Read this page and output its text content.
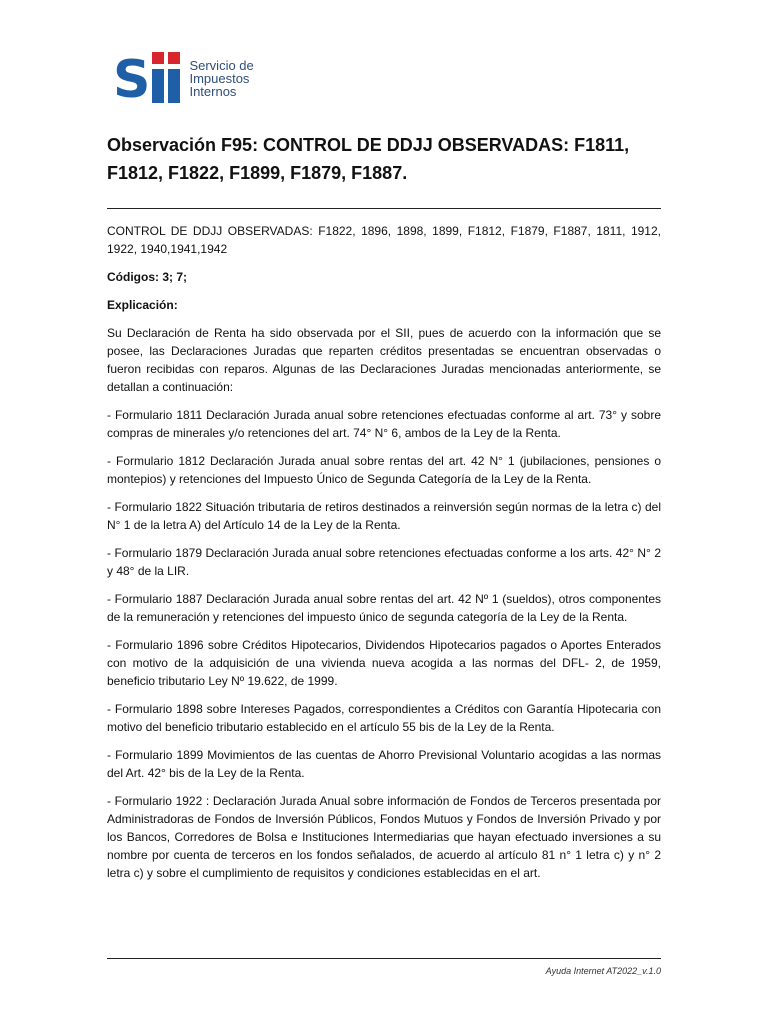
S	Servicio de
Impuestos
Internos
Observación F95: CONTROL DE DDJJ OBSERVADAS: F1811, F1812, F1822, F1899, F1879, F1887.

CONTROL DE DDJJ OBSERVADAS: F1822, 1896, 1898, 1899, F1812, F1879, F1887, 1811, 1912, 1922, 1940,1941,1942

Códigos: 3; 7;

Explicación:

Su Declaración de Renta ha sido observada por el SII, pues de acuerdo con la información que se posee, las Declaraciones Juradas que reparten créditos presentadas se encuentran observadas o fueron recibidas con reparos. Algunas de las Declaraciones Juradas mencionadas anteriormente, se detallan a continuación:

- Formulario 1811 Declaración Jurada anual sobre retenciones efectuadas conforme al art. 73° y sobre compras de minerales y/o retenciones del art. 74° N° 6, ambos de la Ley de la Renta.

- Formulario 1812 Declaración Jurada anual sobre rentas del art. 42 N° 1 (jubilaciones, pensiones o montepios) y retenciones del Impuesto Único de Segunda Categoría de la Ley de la Renta.

- Formulario 1822 Situación tributaria de retiros destinados a reinversión según normas de la letra c) del N° 1 de la letra A) del Artículo 14 de la Ley de la Renta.

- Formulario 1879 Declaración Jurada anual sobre retenciones efectuadas conforme a los arts. 42° N° 2 y 48° de la LIR.

- Formulario 1887 Declaración Jurada anual sobre rentas del art. 42 Nº 1 (sueldos), otros componentes de la remuneración y retenciones del impuesto único de segunda categoría de la Ley de la Renta.

- Formulario 1896 sobre Créditos Hipotecarios, Dividendos Hipotecarios pagados o Aportes Enterados con motivo de la adquisición de una vivienda nueva acogida a las normas del DFL- 2, de 1959, beneficio tributario Ley Nº 19.622, de 1999.

- Formulario 1898 sobre Intereses Pagados, correspondientes a Créditos con Garantía Hipotecaria con motivo del beneficio tributario establecido en el artículo 55 bis de la Ley de la Renta.

- Formulario 1899 Movimientos de las cuentas de Ahorro Previsional Voluntario acogidas a las normas del Art. 42° bis de la Ley de la Renta.

- Formulario 1922 : Declaración Jurada Anual sobre información de Fondos de Terceros presentada por Administradoras de Fondos de Inversión Públicos, Fondos Mutuos y Fondos de Inversión Privado y por los Bancos, Corredores de Bolsa e Instituciones Intermediarias que hayan efectuado inversiones a su nombre por cuenta de terceros en los fondos señalados, de acuerdo al artículo 81 n° 1 letra c) y n° 2 letra c) y sobre el cumplimiento de requisitos y condiciones establecidas en el art.

Ayuda Internet AT2022_v.1.0
